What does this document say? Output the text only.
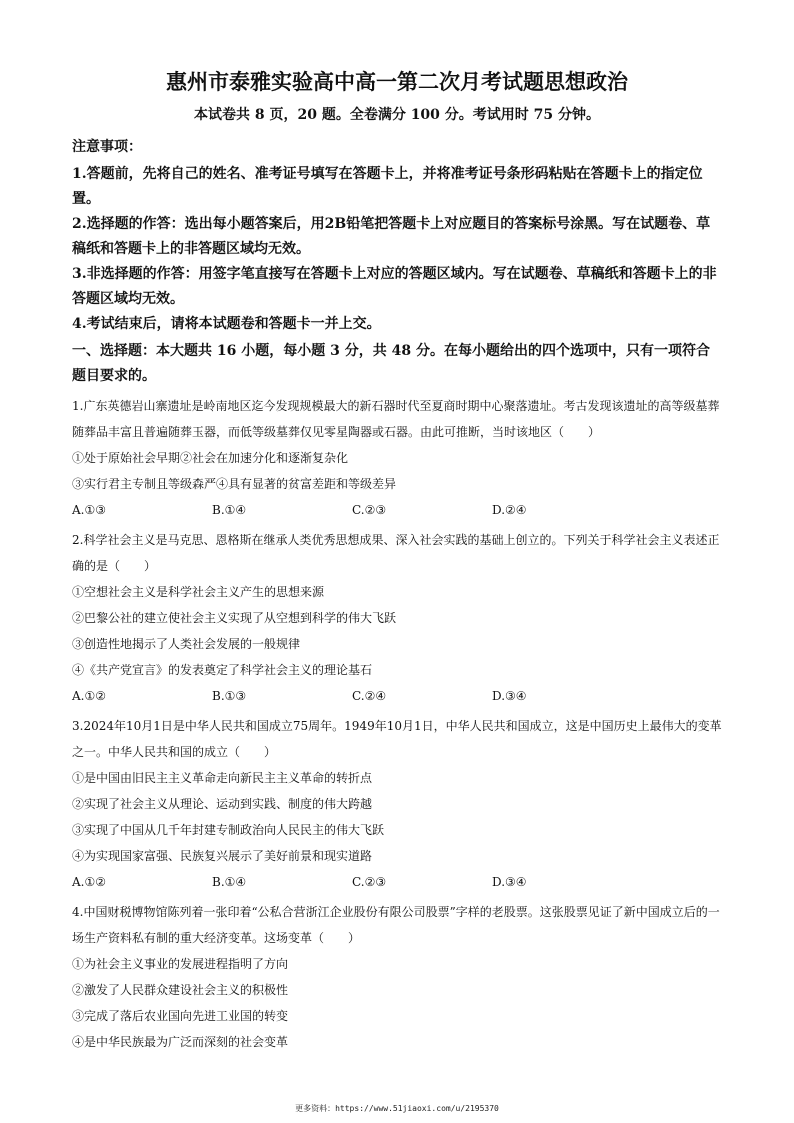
惠州市泰雅实验高中高一第二次月考试题思想政治
本试卷共 8 页，20 题。全卷满分 100 分。考试用时 75 分钟。
注意事项：
1.答题前，先将自己的姓名、准考证号填写在答题卡上，并将准考证号条形码粘贴在答题卡上的指定位置。
2.选择题的作答：选出每小题答案后，用2B铅笔把答题卡上对应题目的答案标号涂黑。写在试题卷、草稿纸和答题卡上的非答题区域均无效。
3.非选择题的作答：用签字笔直接写在答题卡上对应的答题区域内。写在试题卷、草稿纸和答题卡上的非答题区域均无效。
4.考试结束后，请将本试题卷和答题卡一并上交。
一、选择题：本大题共 16 小题，每小题 3 分，共 48 分。在每小题给出的四个选项中，只有一项符合题目要求的。
1.广东英德岩山寨遗址是岭南地区迄今发现规模最大的新石器时代至夏商时期中心聚落遗址。考古发现该遗址的高等级墓葬随葬品丰富且普遍随葬玉器，而低等级墓葬仅见零星陶器或石器。由此可推断，当时该地区（　　）
①处于原始社会早期②社会在加速分化和逐渐复杂化
③实行君主专制且等级森严④具有显著的贫富差距和等级差异
A.①③	B.①④	C.②③	D.②④
2.科学社会主义是马克思、恩格斯在继承人类优秀思想成果、深入社会实践的基础上创立的。下列关于科学社会主义表述正确的是（　　）
①空想社会主义是科学社会主义产生的思想来源
②巴黎公社的建立使社会主义实现了从空想到科学的伟大飞跃
③创造性地揭示了人类社会发展的一般规律
④《共产党宣言》的发表奠定了科学社会主义的理论基石
A.①②	B.①③	C.②④	D.③④
3.2024年10月1日是中华人民共和国成立75周年。1949年10月1日，中华人民共和国成立，这是中国历史上最伟大的变革之一。中华人民共和国的成立（　　）
①是中国由旧民主主义革命走向新民主主义革命的转折点
②实现了社会主义从理论、运动到实践、制度的伟大跨越
③实现了中国从几千年封建专制政治向人民民主的伟大飞跃
④为实现国家富强、民族复兴展示了美好前景和现实道路
A.①②	B.①④	C.②③	D.③④
4.中国财税博物馆陈列着一张印着“公私合营浙江企业股份有限公司股票”字样的老股票。这张股票见证了新中国成立后的一场生产资料私有制的重大经济变革。这场变革（　　）
①为社会主义事业的发展进程指明了方向
②激发了人民群众建设社会主义的积极性
③完成了落后农业国向先进工业国的转变
④是中华民族最为广泛而深刻的社会变革
更多资料：https://www.51jiaoxi.com/u/2195370
